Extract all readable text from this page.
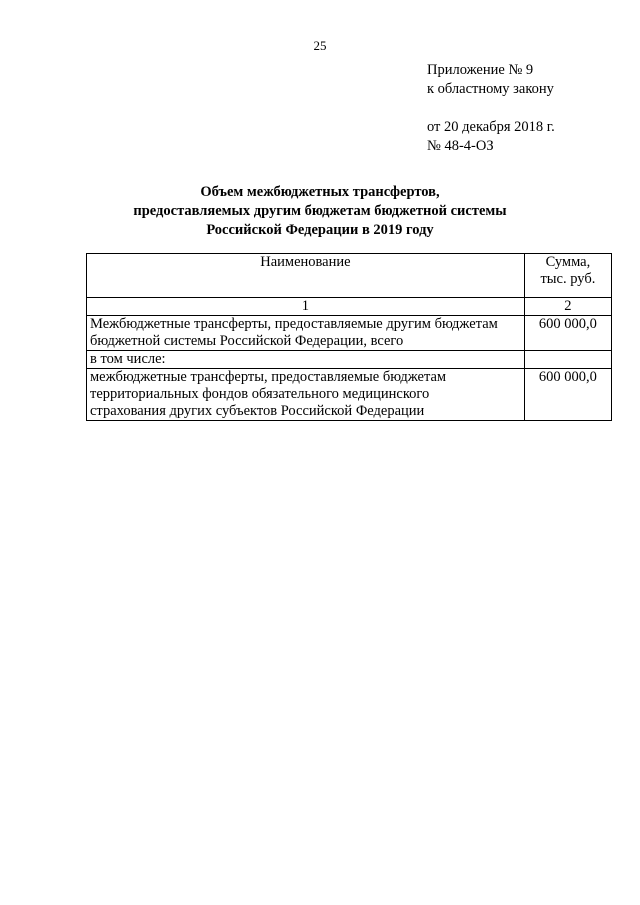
25
Приложение № 9
к областному закону
от 20 декабря 2018 г.
№ 48-4-ОЗ
Объем межбюджетных трансфертов,
предоставляемых другим бюджетам бюджетной системы
Российской Федерации в 2019 году
Наименование	Сумма,
тыс. руб.

1	2

Межбюджетные трансферты, предоставляемые другим бюджетам
бюджетной системы Российской Федерации, всего	600 000,0

в том числе:	

межбюджетные трансферты, предоставляемые бюджетам
территориальных фондов обязательного медицинского
страхования других субъектов Российской Федерации	600 000,0
